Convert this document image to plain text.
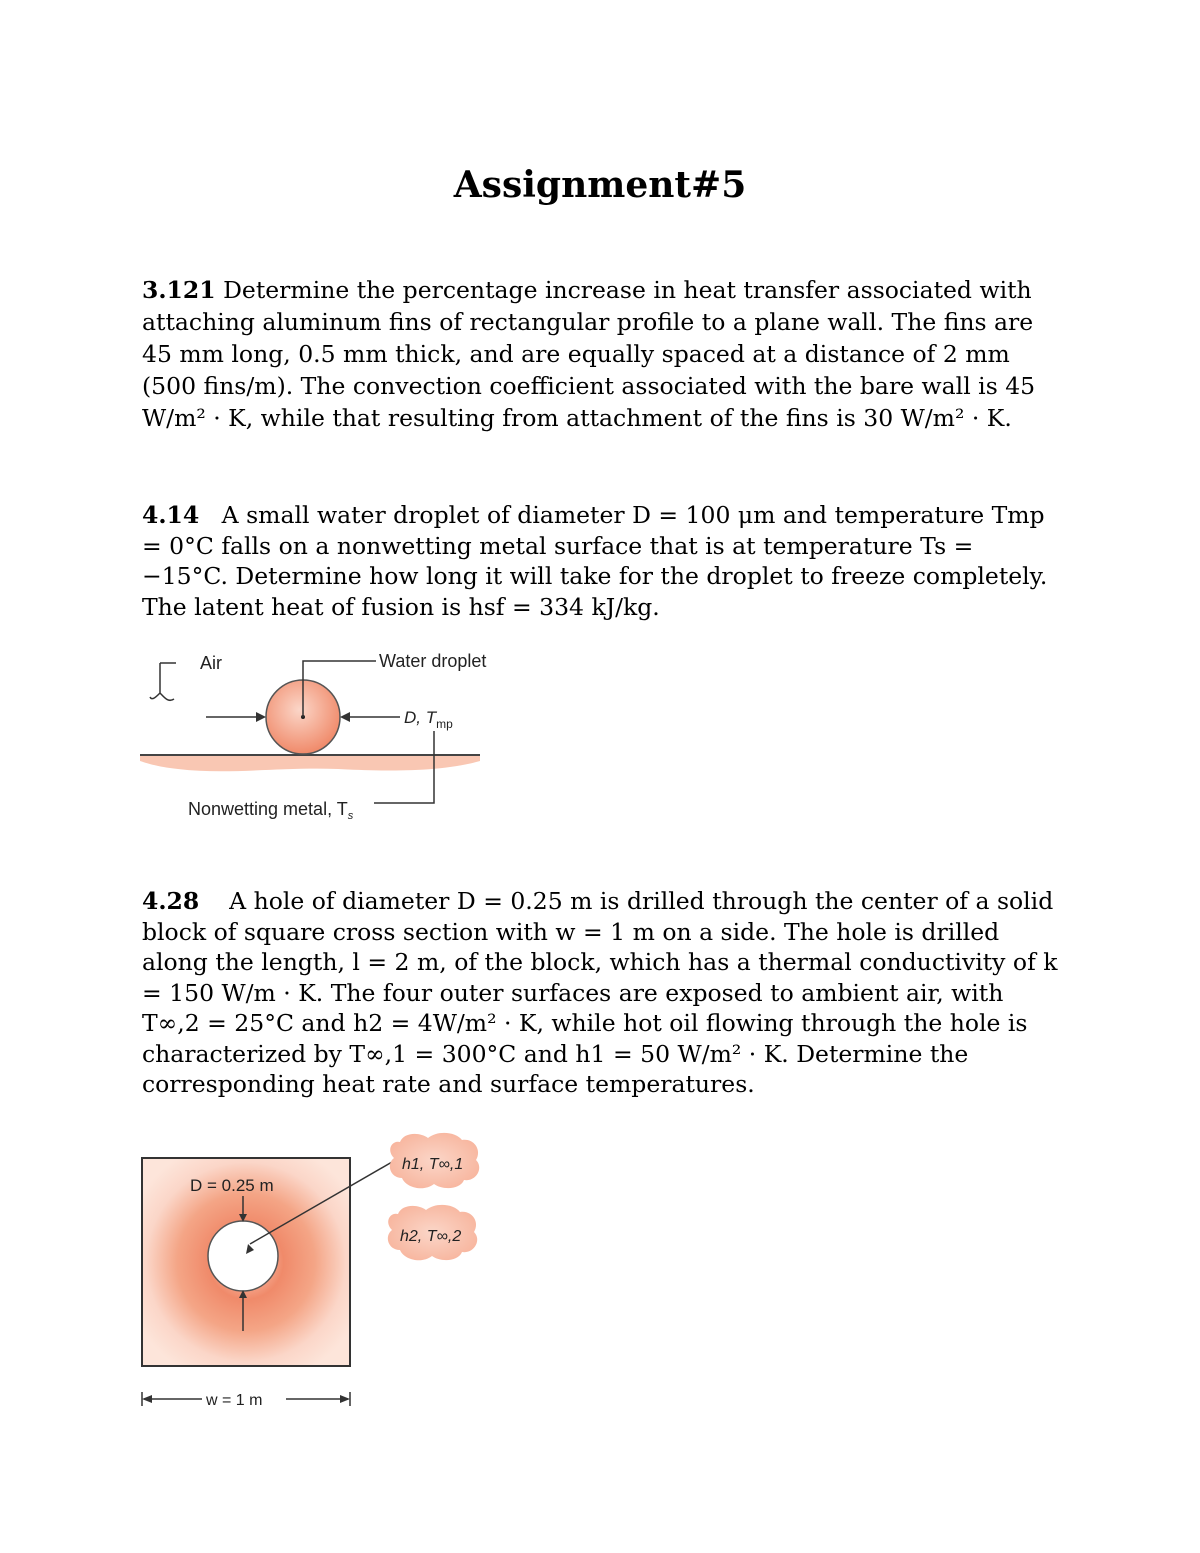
Assignment#5

3.121 Determine the percentage increase in heat transfer associated with attaching aluminum fins of rectangular profile to a plane wall. The fins are 45 mm long, 0.5 mm thick, and are equally spaced at a distance of 2 mm (500 fins/m). The convection coefficient associated with the bare wall is 45 W/m² · K, while that resulting from attachment of the fins is 30 W/m² · K.

4.14 A small water droplet of diameter D = 100 μm and temperature Tmp = 0°C falls on a nonwetting metal surface that is at temperature Ts = −15°C. Determine how long it will take for the droplet to freeze completely. The latent heat of fusion is hsf = 334 kJ/kg.

Air	Water droplet
D, $T_{mp}$
Nonwetting metal, $T_s$

4.28 A hole of diameter D = 0.25 m is drilled through the center of a solid block of square cross section with w = 1 m on a side. The hole is drilled along the length, l = 2 m, of the block, which has a thermal conductivity of k = 150 W/m · K. The four outer surfaces are exposed to ambient air, with T∞,2 = 25°C and h2 = 4W/m² · K, while hot oil flowing through the hole is characterized by T∞,1 = 300°C and h1 = 50 W/m² · K. Determine the corresponding heat rate and surface temperatures.

D = 0.25 m
h1, T∞,1
h2, T∞,2
w = 1 m
